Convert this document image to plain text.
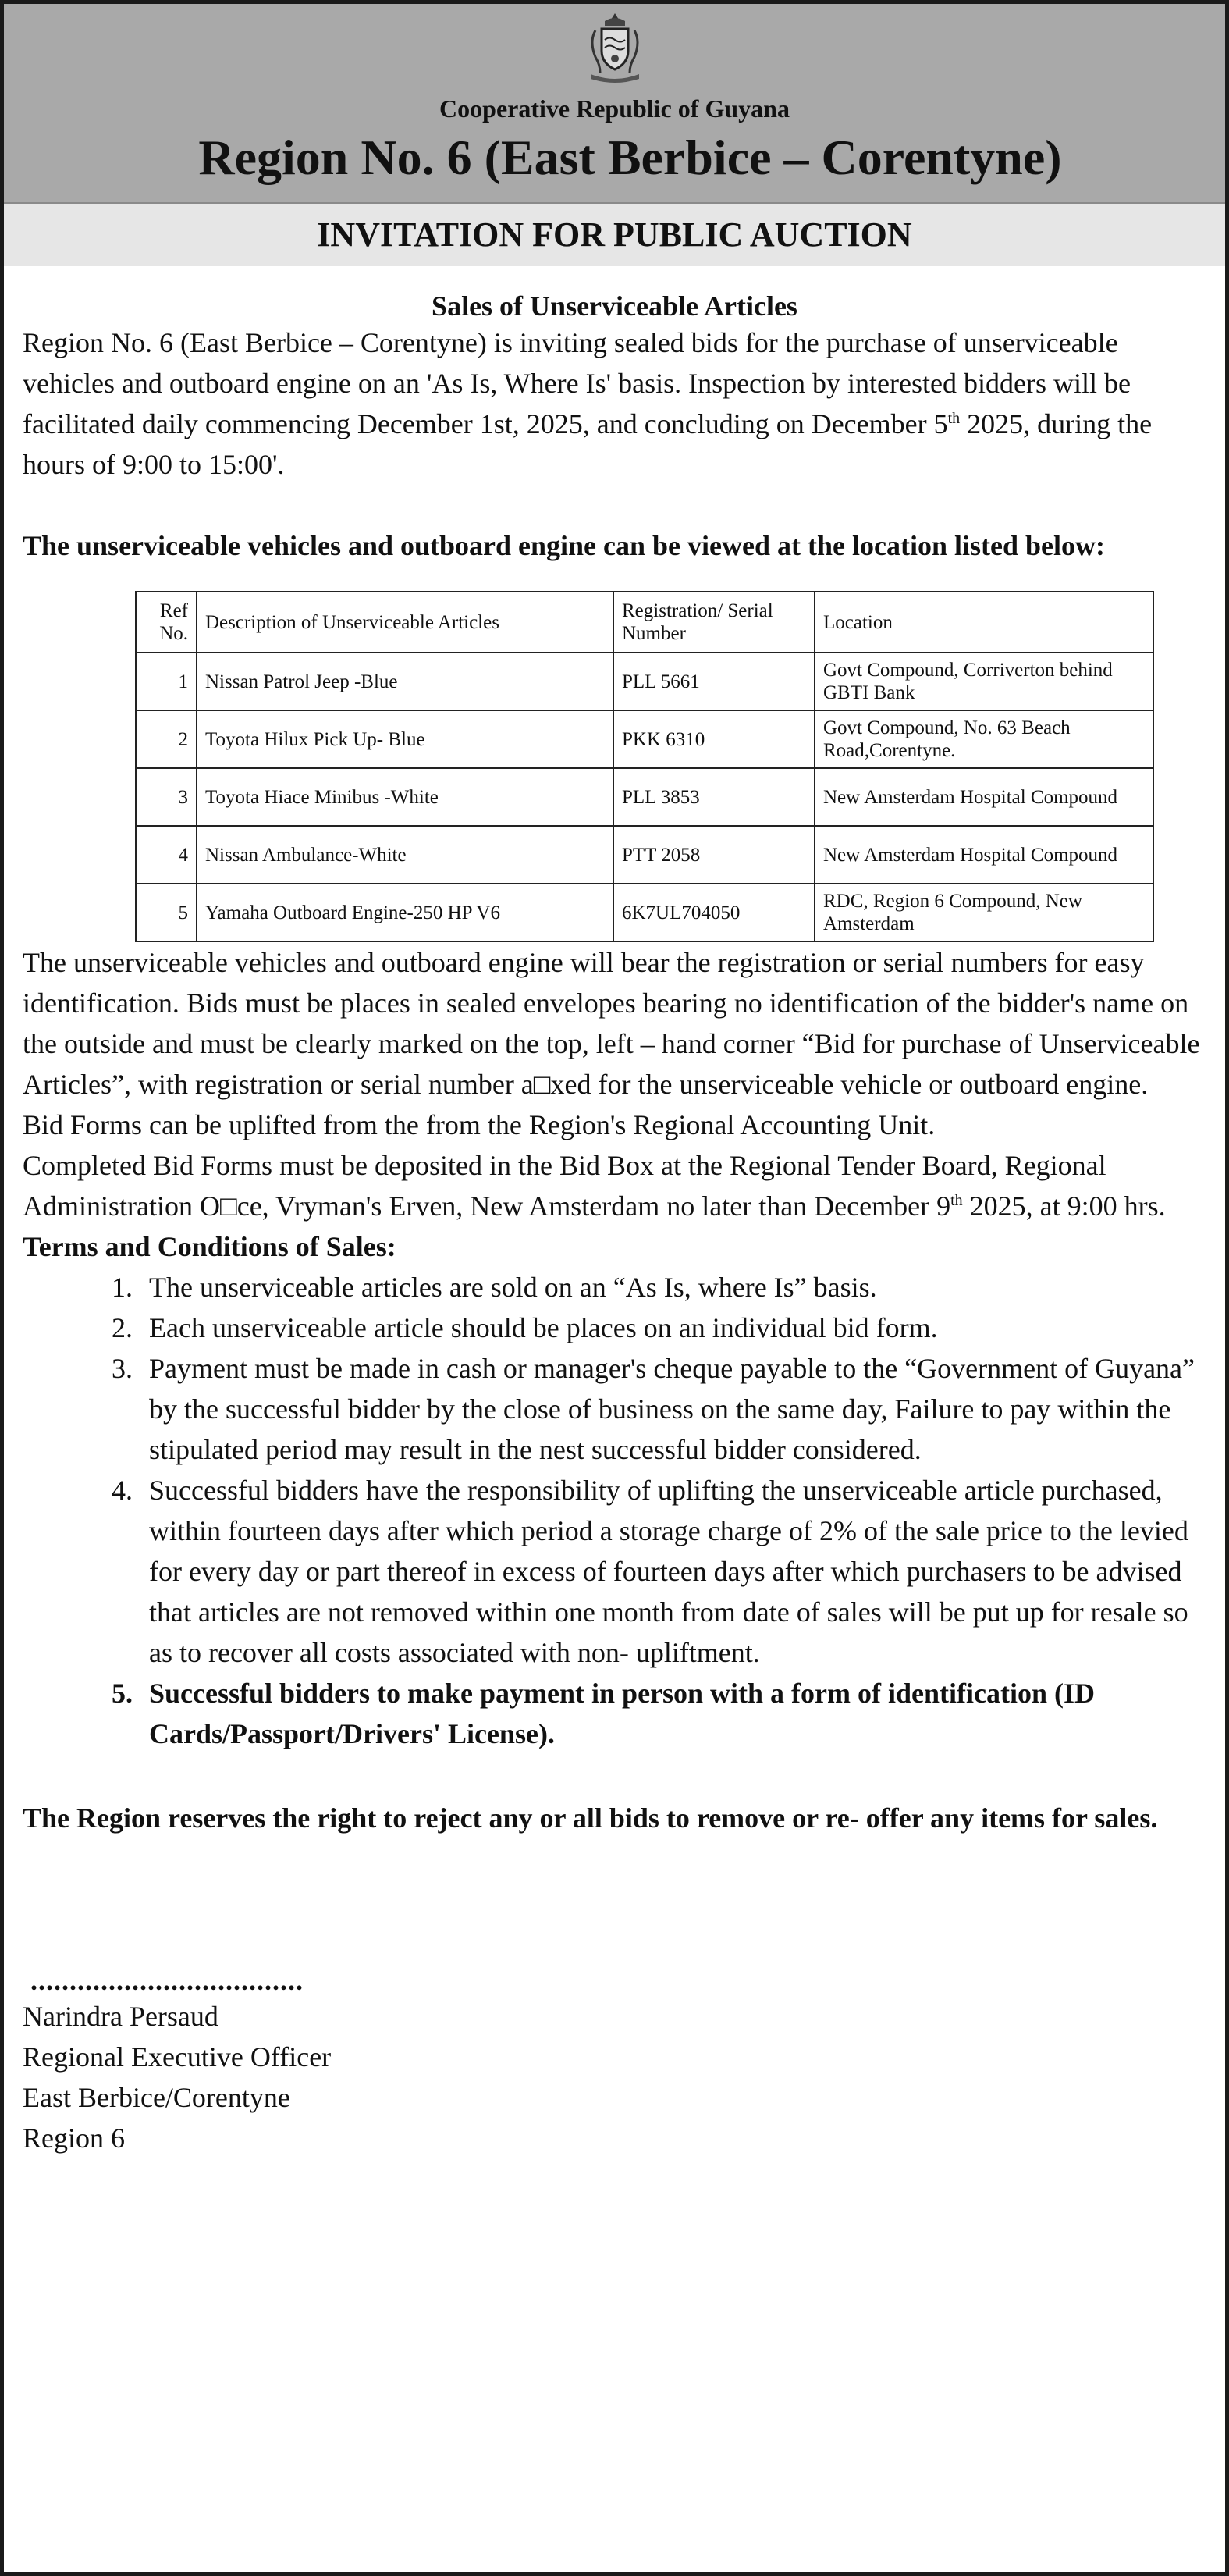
Cooperative Republic of Guyana
Region No. 6 (East Berbice – Corentyne)
INVITATION FOR PUBLIC AUCTION
Sales of Unserviceable Articles

Region No. 6 (East Berbice – Corentyne) is inviting sealed bids for the purchase of unserviceable vehicles and outboard engine on an 'As Is, Where Is' basis. Inspection by interested bidders will be facilitated daily commencing December 1st, 2025, and concluding on December 5th 2025, during the hours of 9:00 to 15:00'.

The unserviceable vehicles and outboard engine can be viewed at the location listed below:

Ref No.	Description of Unserviceable Articles	Registration/ Serial Number	Location
1	Nissan Patrol Jeep -Blue	PLL 5661	Govt Compound, Corriverton behind GBTI Bank
2	Toyota Hilux Pick Up- Blue	PKK 6310	Govt Compound, No. 63 Beach Road,Corentyne.
3	Toyota Hiace Minibus -White	PLL 3853	New Amsterdam Hospital Compound
4	Nissan Ambulance-White	PTT 2058	New Amsterdam Hospital Compound
5	Yamaha Outboard Engine-250 HP V6	6K7UL704050	RDC, Region 6 Compound, New Amsterdam

The unserviceable vehicles and outboard engine will bear the registration or serial numbers for easy identification. Bids must be places in sealed envelopes bearing no identification of the bidder's name on the outside and must be clearly marked on the top, left – hand corner “Bid for purchase of Unserviceable Articles”, with registration or serial number a□xed for the unserviceable vehicle or outboard engine.

Bid Forms can be uplifted from the from the Region's Regional Accounting Unit.

Completed Bid Forms must be deposited in the Bid Box at the Regional Tender Board, Regional Administration O□ce, Vryman's Erven, New Amsterdam no later than December 9th 2025, at 9:00 hrs.

Terms and Conditions of Sales:

1. The unserviceable articles are sold on an “As Is, where Is” basis.
2. Each unserviceable article should be places on an individual bid form.
3. Payment must be made in cash or manager's cheque payable to the “Government of Guyana” by the successful bidder by the close of business on the same day, Failure to pay within the stipulated period may result in the nest successful bidder considered.
4. Successful bidders have the responsibility of uplifting the unserviceable article purchased, within fourteen days after which period a storage charge of 2% of the sale price to the levied for every day or part thereof in excess of fourteen days after which purchasers to be advised that articles are not removed within one month from date of sales will be put up for resale so as to recover all costs associated with non- upliftment.
5. Successful bidders to make payment in person with a form of identification (ID Cards/Passport/Drivers' License).

The Region reserves the right to reject any or all bids to remove or re- offer any items for sales.

...................................
Narindra Persaud
Regional Executive Officer
East Berbice/Corentyne
Region 6
